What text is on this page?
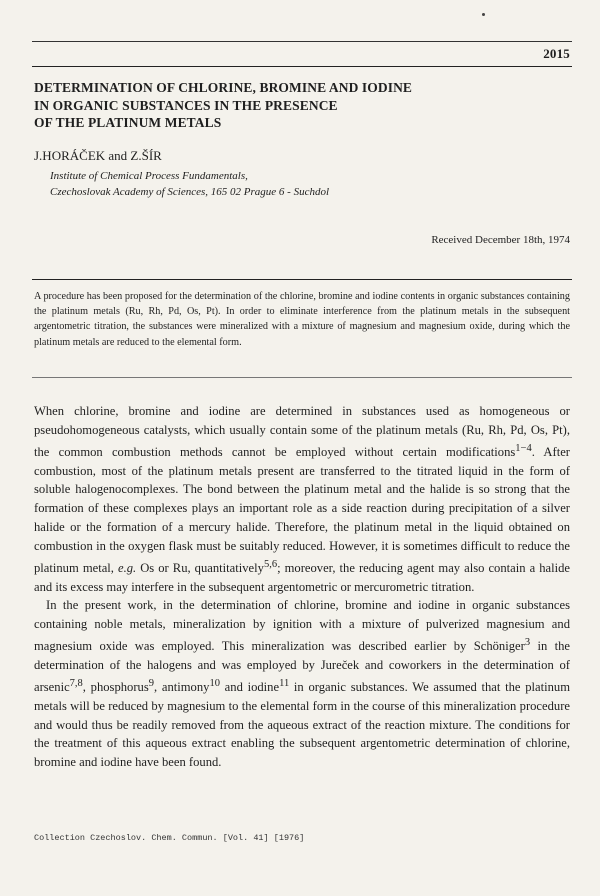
2015
DETERMINATION OF CHLORINE, BROMINE AND IODINE
IN ORGANIC SUBSTANCES IN THE PRESENCE
OF THE PLATINUM METALS
J.HORÁČEK and Z.ŠÍR
Institute of Chemical Process Fundamentals,
Czechoslovak Academy of Sciences, 165 02 Prague 6 - Suchdol
Received December 18th, 1974
A procedure has been proposed for the determination of the chlorine, bromine and iodine contents in organic substances containing the platinum metals (Ru, Rh, Pd, Os, Pt). In order to eliminate interference from the platinum metals in the subsequent argentometric titration, the substances were mineralized with a mixture of magnesium and magnesium oxide, during which the platinum metals are reduced to the elemental form.

When chlorine, bromine and iodine are determined in substances used as homogeneous or pseudohomogeneous catalysts, which usually contain some of the platinum metals (Ru, Rh, Pd, Os, Pt), the common combustion methods cannot be employed without certain modifications$^{1-4}$. After combustion, most of the platinum metals present are transferred to the titrated liquid in the form of soluble halogenocomplexes. The bond between the platinum metal and the halide is so strong that the formation of these complexes plays an important role as a side reaction during precipitation of a silver halide or the formation of a mercury halide. Therefore, the platinum metal in the liquid obtained on combustion in the oxygen flask must be suitably reduced. However, it is sometimes difficult to reduce the platinum metal, e.g. Os or Ru, quantitatively$^{5,6}$; moreover, the reducing agent may also contain a halide and its excess may interfere in the subsequent argentometric or mercurometric titration.

In the present work, in the determination of chlorine, bromine and iodine in organic substances containing noble metals, mineralization by ignition with a mixture of pulverized magnesium and magnesium oxide was employed. This mineralization was described earlier by Schöniger$^3$ in the determination of the halogens and was employed by Jureček and coworkers in the determination of arsenic$^{7,8}$, phosphorus$^9$, antimony$^{10}$ and iodine$^{11}$ in organic substances. We assumed that the platinum metals will be reduced by magnesium to the elemental form in the course of this mineralization procedure and would thus be readily removed from the aqueous extract of the reaction mixture. The conditions for the treatment of this aqueous extract enabling the subsequent argentometric determination of chlorine, bromine and iodine have been found.

Collection Czechoslov. Chem. Commun. [Vol. 41] [1976]
